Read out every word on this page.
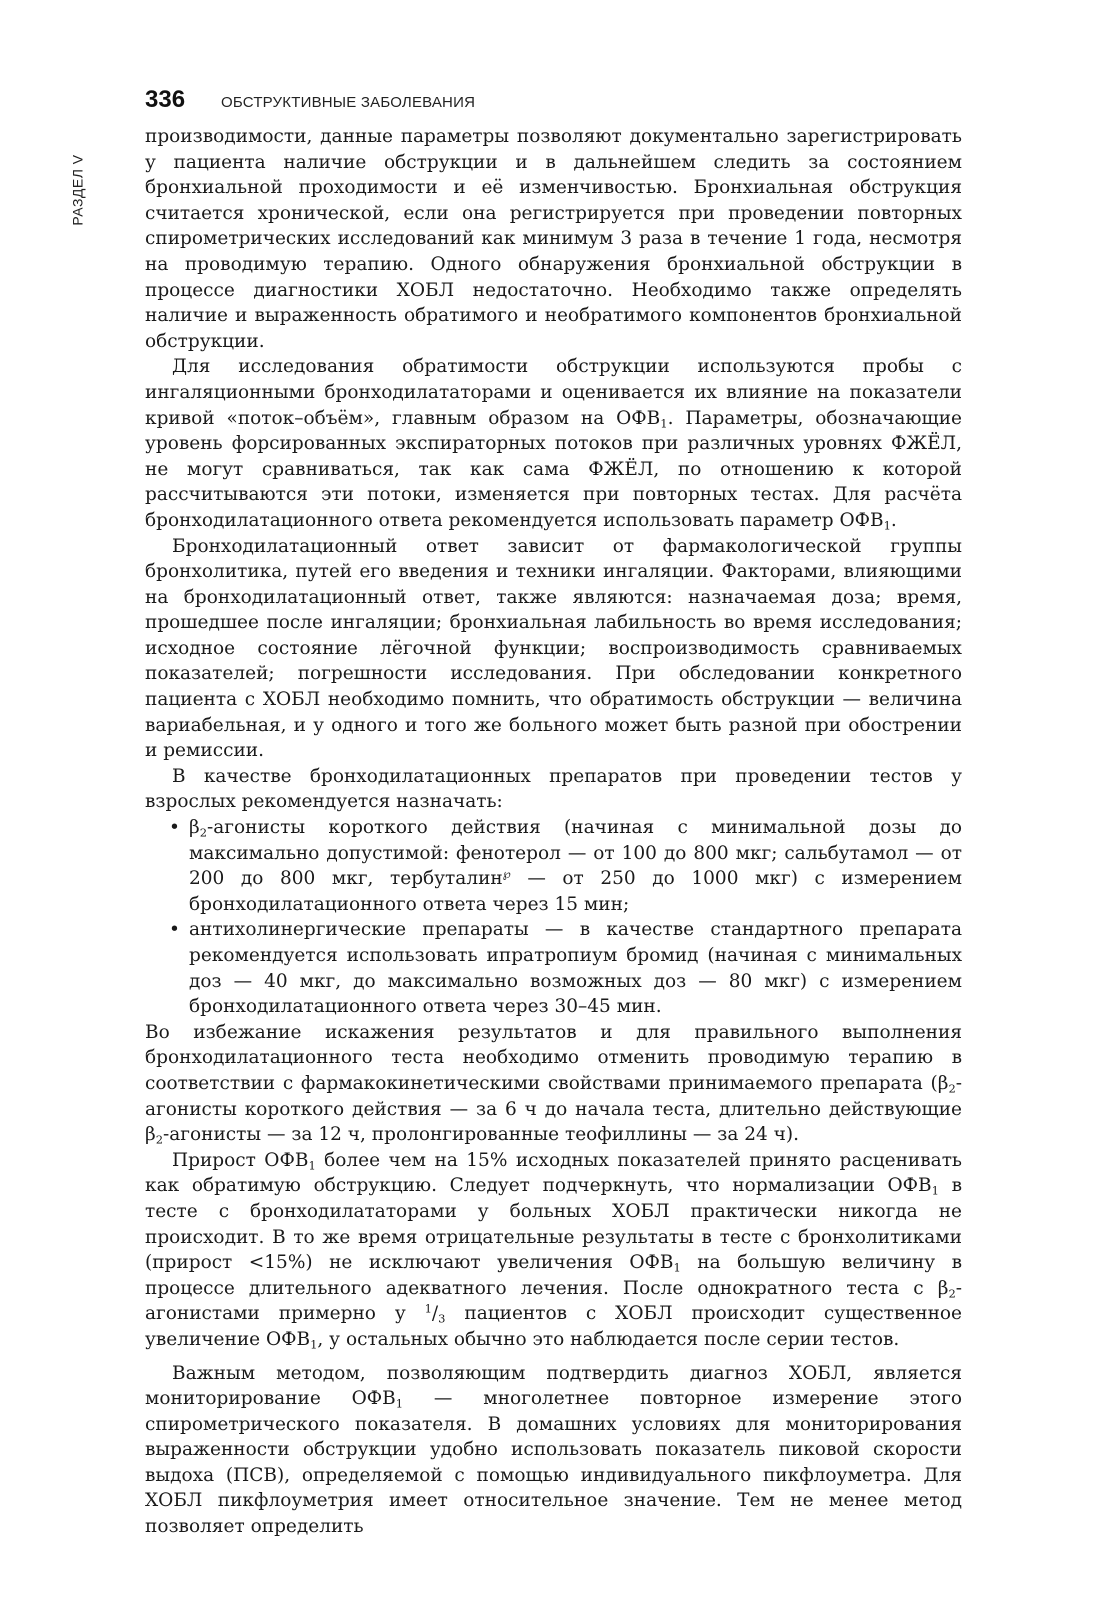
РАЗДЕЛ V
336 ОБСТРУКТИВНЫЕ ЗАБОЛЕВАНИЯ

производимости, данные параметры позволяют документально зарегистрировать у пациента наличие обструкции и в дальнейшем следить за состоянием бронхиальной проходимости и её изменчивостью. Бронхиальная обструкция считается хронической, если она регистрируется при проведении повторных спирометрических исследований как минимум 3 раза в течение 1 года, несмотря на проводимую терапию. Одного обнаружения бронхиальной обструкции в процессе диагностики ХОБЛ недостаточно. Необходимо также определять наличие и выраженность обратимого и необратимого компонентов бронхиальной обструкции.

Для исследования обратимости обструкции используются пробы с ингаляционными бронходилататорами и оценивается их влияние на показатели кривой «поток–объём», главным образом на $ОФВ_1$. Параметры, обозначающие уровень форсированных экспираторных потоков при различных уровнях ФЖЁЛ, не могут сравниваться, так как сама ФЖЁЛ, по отношению к которой рассчитываются эти потоки, изменяется при повторных тестах. Для расчёта бронходилатационного ответа рекомендуется использовать параметр $ОФВ_1$.

Бронходилатационный ответ зависит от фармакологической группы бронхолитика, путей его введения и техники ингаляции. Факторами, влияющими на бронходилатационный ответ, также являются: назначаемая доза; время, прошедшее после ингаляции; бронхиальная лабильность во время исследования; исходное состояние лёгочной функции; воспроизводимость сравниваемых показателей; погрешности исследования. При обследовании конкретного пациента с ХОБЛ необходимо помнить, что обратимость обструкции — величина вариабельная, и у одного и того же больного может быть разной при обострении и ремиссии.

В качестве бронходилатационных препаратов при проведении тестов у взрослых рекомендуется назначать:

• $\beta_2$-агонисты короткого действия (начиная с минимальной дозы до максимально допустимой: фенотерол — от 100 до 800 мкг; сальбутамол — от 200 до 800 мкг, тербуталин℘ — от 250 до 1000 мкг) с измерением бронходилатационного ответа через 15 мин;
• антихолинергические препараты — в качестве стандартного препарата рекомендуется использовать ипратропиум бромид (начиная с минимальных доз — 40 мкг, до максимально возможных доз — 80 мкг) с измерением бронходилатационного ответа через 30–45 мин.

Во избежание искажения результатов и для правильного выполнения бронходилатационного теста необходимо отменить проводимую терапию в соответствии с фармакокинетическими свойствами принимаемого препарата ($\beta_2$-агонисты короткого действия — за 6 ч до начала теста, длительно действующие $\beta_2$-агонисты — за 12 ч, пролонгированные теофиллины — за 24 ч).

Прирост $ОФВ_1$ более чем на 15% исходных показателей принято расценивать как обратимую обструкцию. Следует подчеркнуть, что нормализации $ОФВ_1$ в тесте с бронходилататорами у больных ХОБЛ практически никогда не происходит. В то же время отрицательные результаты в тесте с бронхолитиками (прирост <15%) не исключают увеличения $ОФВ_1$ на большую величину в процессе длительного адекватного лечения. После однократного теста с $\beta_2$-агонистами примерно у $^1/_3$ пациентов с ХОБЛ происходит существенное увеличение $ОФВ_1$, у остальных обычно это наблюдается после серии тестов.

Важным методом, позволяющим подтвердить диагноз ХОБЛ, является мониторирование $ОФВ_1$ — многолетнее повторное измерение этого спирометрического показателя. В домашних условиях для мониторирования выраженности обструкции удобно использовать показатель пиковой скорости выдоха (ПСВ), определяемой с помощью индивидуального пикфлоуметра. Для ХОБЛ пикфлоуметрия имеет относительное значение. Тем не менее метод позволяет определить
